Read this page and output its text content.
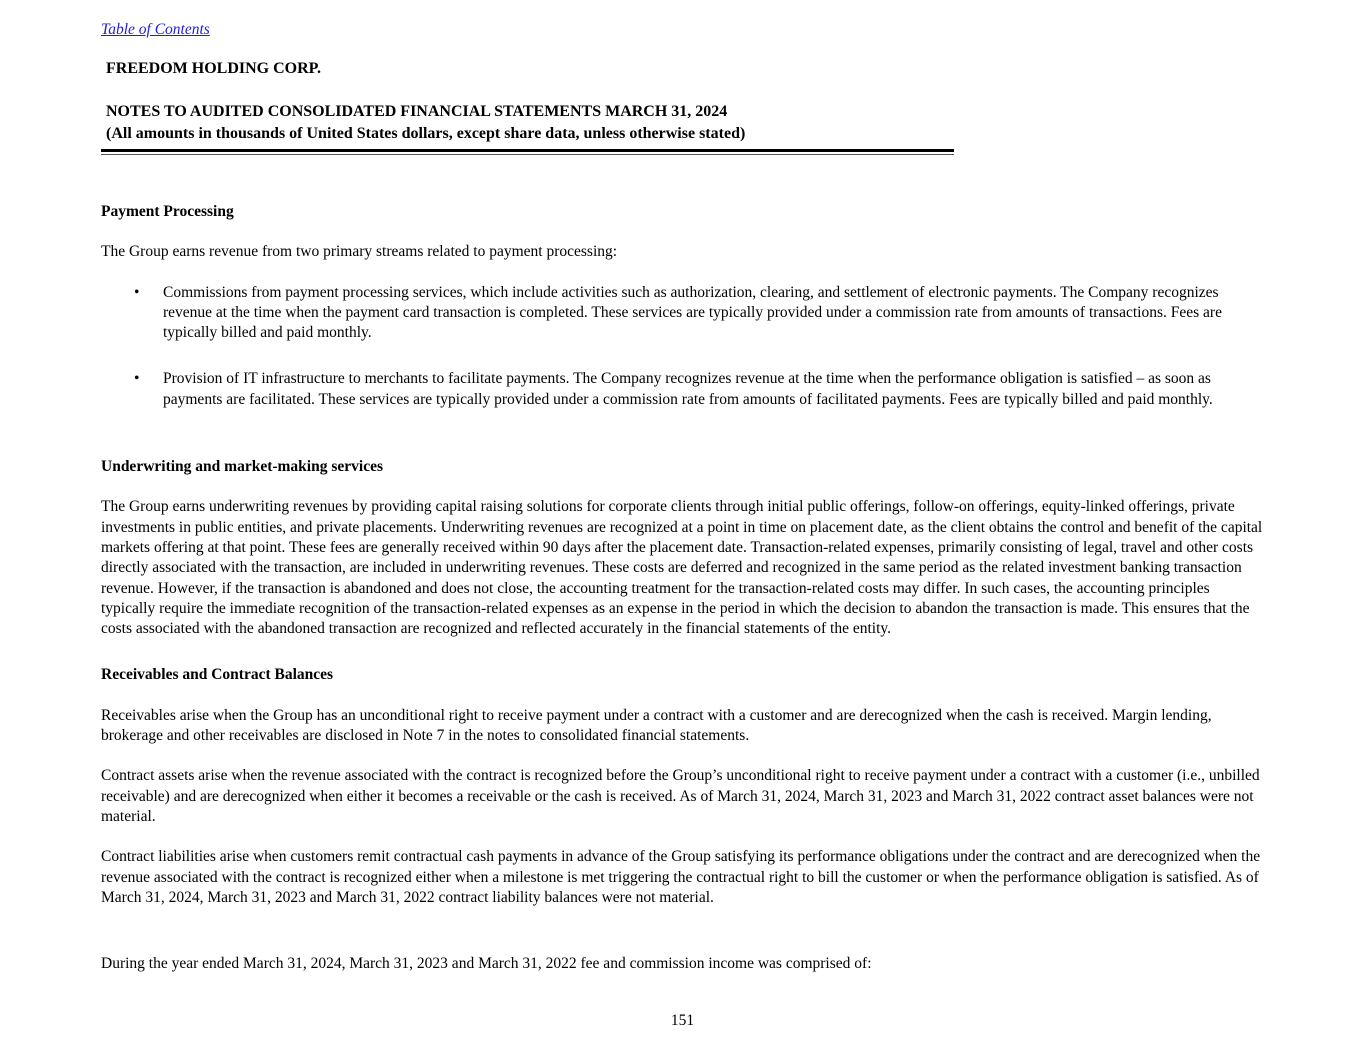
Table of Contents
FREEDOM HOLDING CORP.
NOTES TO AUDITED CONSOLIDATED FINANCIAL STATEMENTS MARCH 31, 2024
(All amounts in thousands of United States dollars, except share data, unless otherwise stated)
Payment Processing
The Group earns revenue from two primary streams related to payment processing:
•	Commissions from payment processing services, which include activities such as authorization, clearing, and settlement of electronic payments. The Company recognizes revenue at the time when the payment card transaction is completed. These services are typically provided under a commission rate from amounts of transactions. Fees are typically billed and paid monthly.
•	Provision of IT infrastructure to merchants to facilitate payments. The Company recognizes revenue at the time when the performance obligation is satisfied – as soon as payments are facilitated. These services are typically provided under a commission rate from amounts of facilitated payments. Fees are typically billed and paid monthly.
Underwriting and market-making services
The Group earns underwriting revenues by providing capital raising solutions for corporate clients through initial public offerings, follow-on offerings, equity-linked offerings, private investments in public entities, and private placements. Underwriting revenues are recognized at a point in time on placement date, as the client obtains the control and benefit of the capital markets offering at that point. These fees are generally received within 90 days after the placement date. Transaction-related expenses, primarily consisting of legal, travel and other costs directly associated with the transaction, are included in underwriting revenues. These costs are deferred and recognized in the same period as the related investment banking transaction revenue. However, if the transaction is abandoned and does not close, the accounting treatment for the transaction-related costs may differ. In such cases, the accounting principles typically require the immediate recognition of the transaction-related expenses as an expense in the period in which the decision to abandon the transaction is made. This ensures that the costs associated with the abandoned transaction are recognized and reflected accurately in the financial statements of the entity.
Receivables and Contract Balances
Receivables arise when the Group has an unconditional right to receive payment under a contract with a customer and are derecognized when the cash is received. Margin lending, brokerage and other receivables are disclosed in Note 7 in the notes to consolidated financial statements.
Contract assets arise when the revenue associated with the contract is recognized before the Group’s unconditional right to receive payment under a contract with a customer (i.e., unbilled receivable) and are derecognized when either it becomes a receivable or the cash is received. As of March 31, 2024, March 31, 2023 and March 31, 2022 contract asset balances were not material.
Contract liabilities arise when customers remit contractual cash payments in advance of the Group satisfying its performance obligations under the contract and are derecognized when the revenue associated with the contract is recognized either when a milestone is met triggering the contractual right to bill the customer or when the performance obligation is satisfied. As of March 31, 2024, March 31, 2023 and March 31, 2022 contract liability balances were not material.
During the year ended March 31, 2024, March 31, 2023 and March 31, 2022 fee and commission income was comprised of:
151
